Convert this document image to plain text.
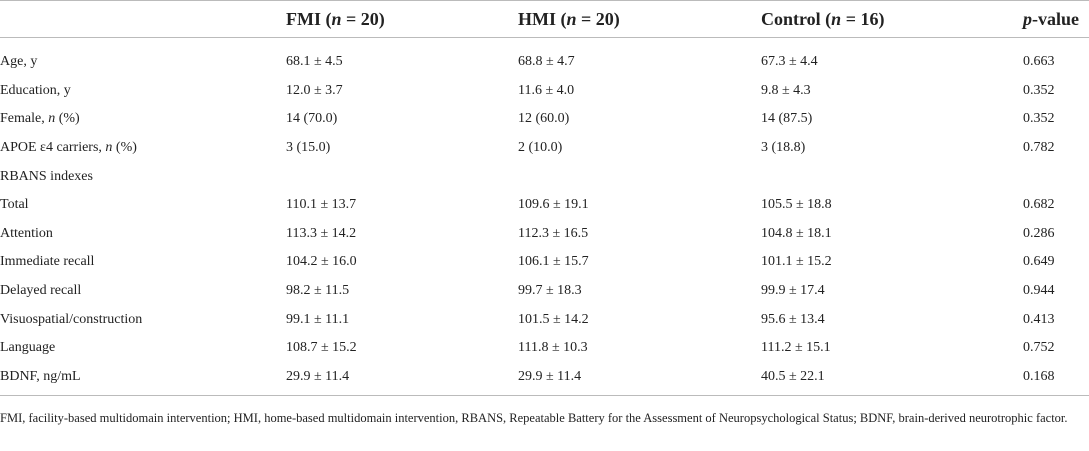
	FMI (n = 20)	HMI (n = 20)	Control (n = 16)	p-value
Age, y	68.1 ± 4.5	68.8 ± 4.7	67.3 ± 4.4	0.663
Education, y	12.0 ± 3.7	11.6 ± 4.0	9.8 ± 4.3	0.352
Female, n (%)	14 (70.0)	12 (60.0)	14 (87.5)	0.352
APOE ε4 carriers, n (%)	3 (15.0)	2 (10.0)	3 (18.8)	0.782
RBANS indexes				
Total	110.1 ± 13.7	109.6 ± 19.1	105.5 ± 18.8	0.682
Attention	113.3 ± 14.2	112.3 ± 16.5	104.8 ± 18.1	0.286
Immediate recall	104.2 ± 16.0	106.1 ± 15.7	101.1 ± 15.2	0.649
Delayed recall	98.2 ± 11.5	99.7 ± 18.3	99.9 ± 17.4	0.944
Visuospatial/construction	99.1 ± 11.1	101.5 ± 14.2	95.6 ± 13.4	0.413
Language	108.7 ± 15.2	111.8 ± 10.3	111.2 ± 15.1	0.752
BDNF, ng/mL	29.9 ± 11.4	29.9 ± 11.4	40.5 ± 22.1	0.168
FMI, facility-based multidomain intervention; HMI, home-based multidomain intervention, RBANS, Repeatable Battery for the Assessment of Neuropsychological Status; BDNF, brain-derived neurotrophic factor.
